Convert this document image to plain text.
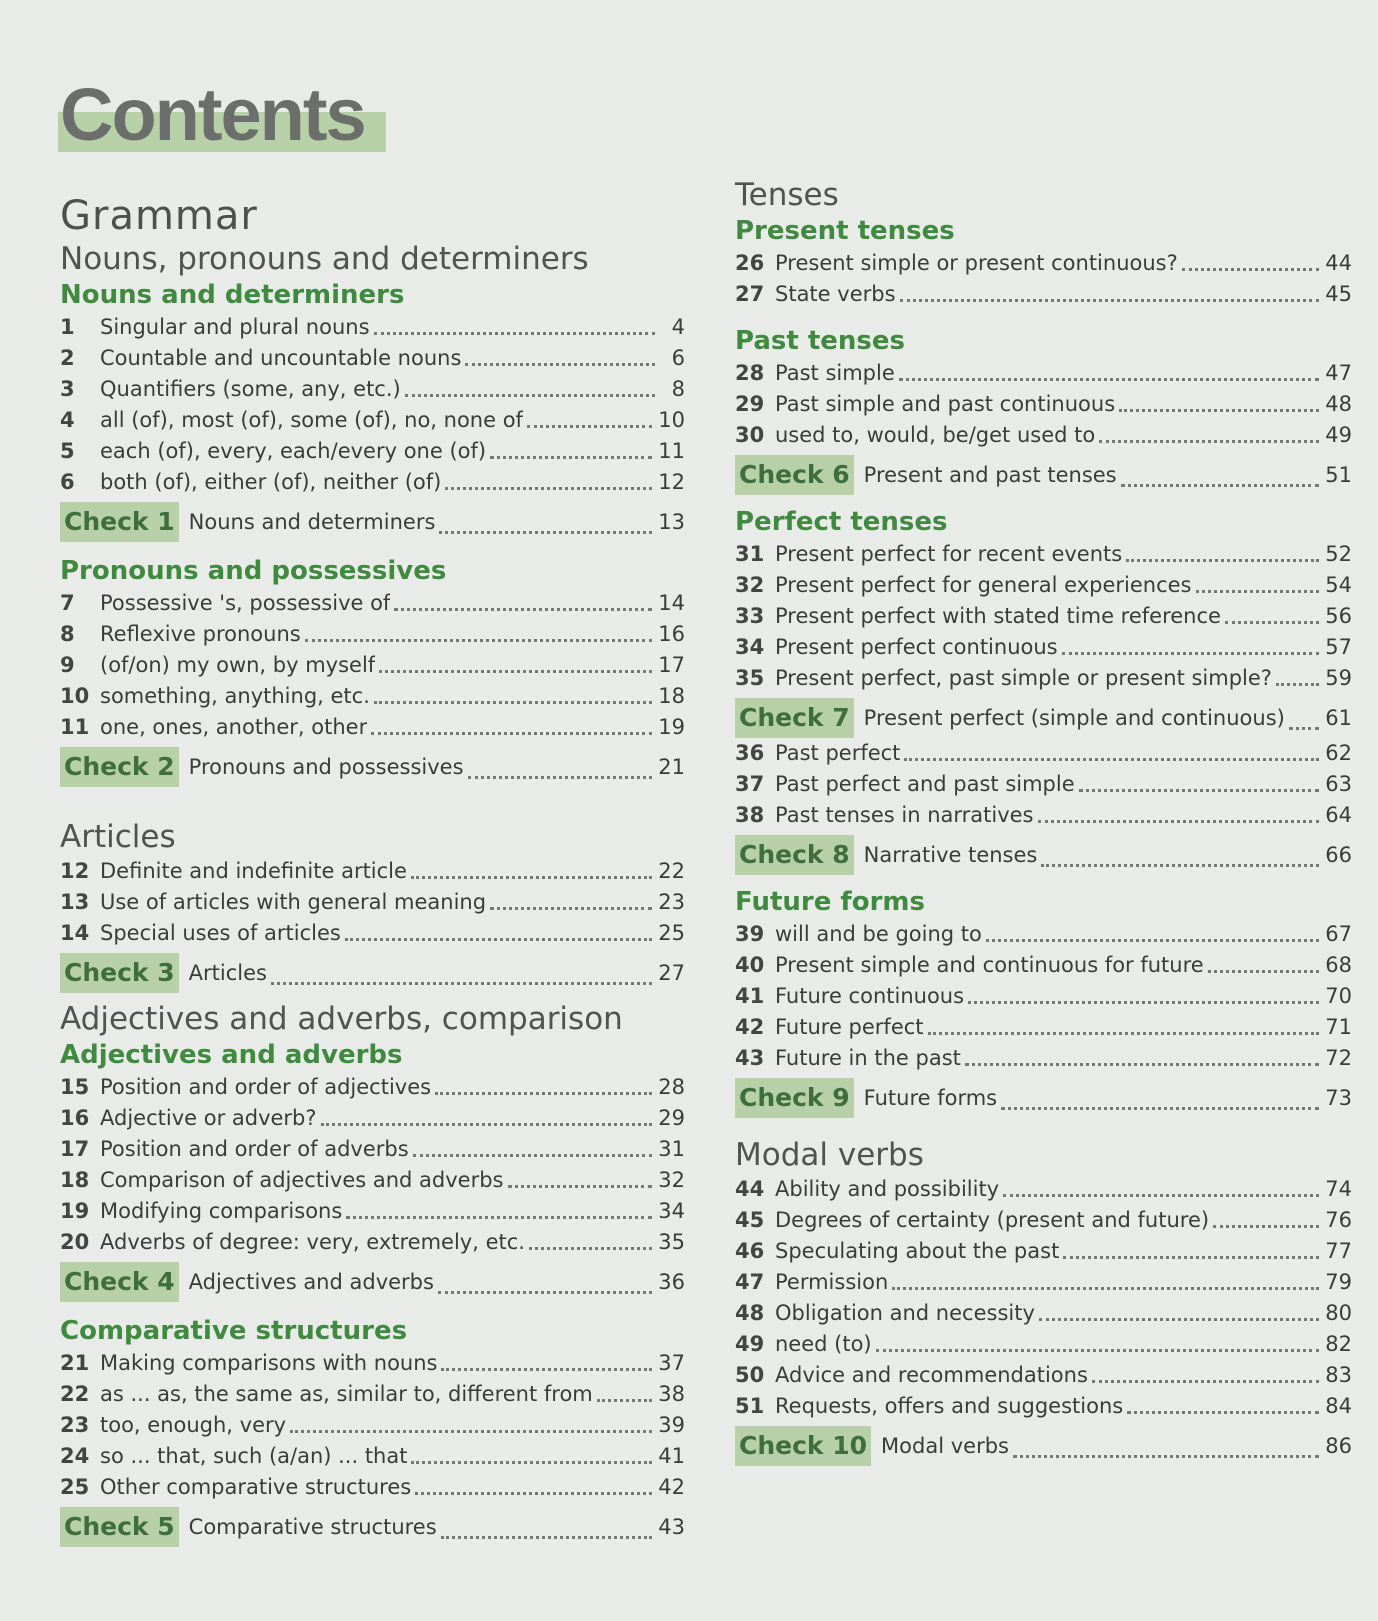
Contents
Grammar
Nouns, pronouns and determiners
Nouns and determiners
1	Singular and plural nouns	4
2	Countable and uncountable nouns	6
3	Quantifiers (some, any, etc.)	8
4	all (of), most (of), some (of), no, none of	10
5	each (of), every, each/every one (of)	11
6	both (of), either (of), neither (of)	12
Check 1 Nouns and determiners	13
Pronouns and possessives
7	Possessive 's, possessive of	14
8	Reflexive pronouns	16
9	(of/on) my own, by myself	17
10 something, anything, etc.	18
11 one, ones, another, other	19
Check 2 Pronouns and possessives	21
Articles
12 Definite and indefinite article	22
13 Use of articles with general meaning	23
14 Special uses of articles	25
Check 3 Articles	27
Adjectives and adverbs, comparison
Adjectives and adverbs
15 Position and order of adjectives	28
16 Adjective or adverb?	29
17 Position and order of adverbs	31
18 Comparison of adjectives and adverbs	32
19 Modifying comparisons	34
20 Adverbs of degree: very, extremely, etc.	35
Check 4 Adjectives and adverbs	36
Comparative structures
21 Making comparisons with nouns	37
22 as ... as, the same as, similar to, different from	38
23 too, enough, very	39
24 so ... that, such (a/an) ... that	41
25 Other comparative structures	42
Check 5 Comparative structures	43
Tenses
Present tenses
26 Present simple or present continuous?	44
27 State verbs	45
Past tenses
28 Past simple	47
29 Past simple and past continuous	48
30 used to, would, be/get used to	49
Check 6 Present and past tenses	51
Perfect tenses
31 Present perfect for recent events	52
32 Present perfect for general experiences	54
33 Present perfect with stated time reference	56
34 Present perfect continuous	57
35 Present perfect, past simple or present simple?	59
Check 7 Present perfect (simple and continuous) 61
36 Past perfect	62
37 Past perfect and past simple	63
38 Past tenses in narratives	64
Check 8 Narrative tenses	66
Future forms
39 will and be going to	67
40 Present simple and continuous for future	68
41 Future continuous	70
42 Future perfect	71
43 Future in the past	72
Check 9 Future forms	73
Modal verbs
44 Ability and possibility	74
45 Degrees of certainty (present and future)	76
46 Speculating about the past	77
47 Permission	79
48 Obligation and necessity	80
49 need (to)	82
50 Advice and recommendations	83
51 Requests, offers and suggestions	84
Check 10 Modal verbs	86
